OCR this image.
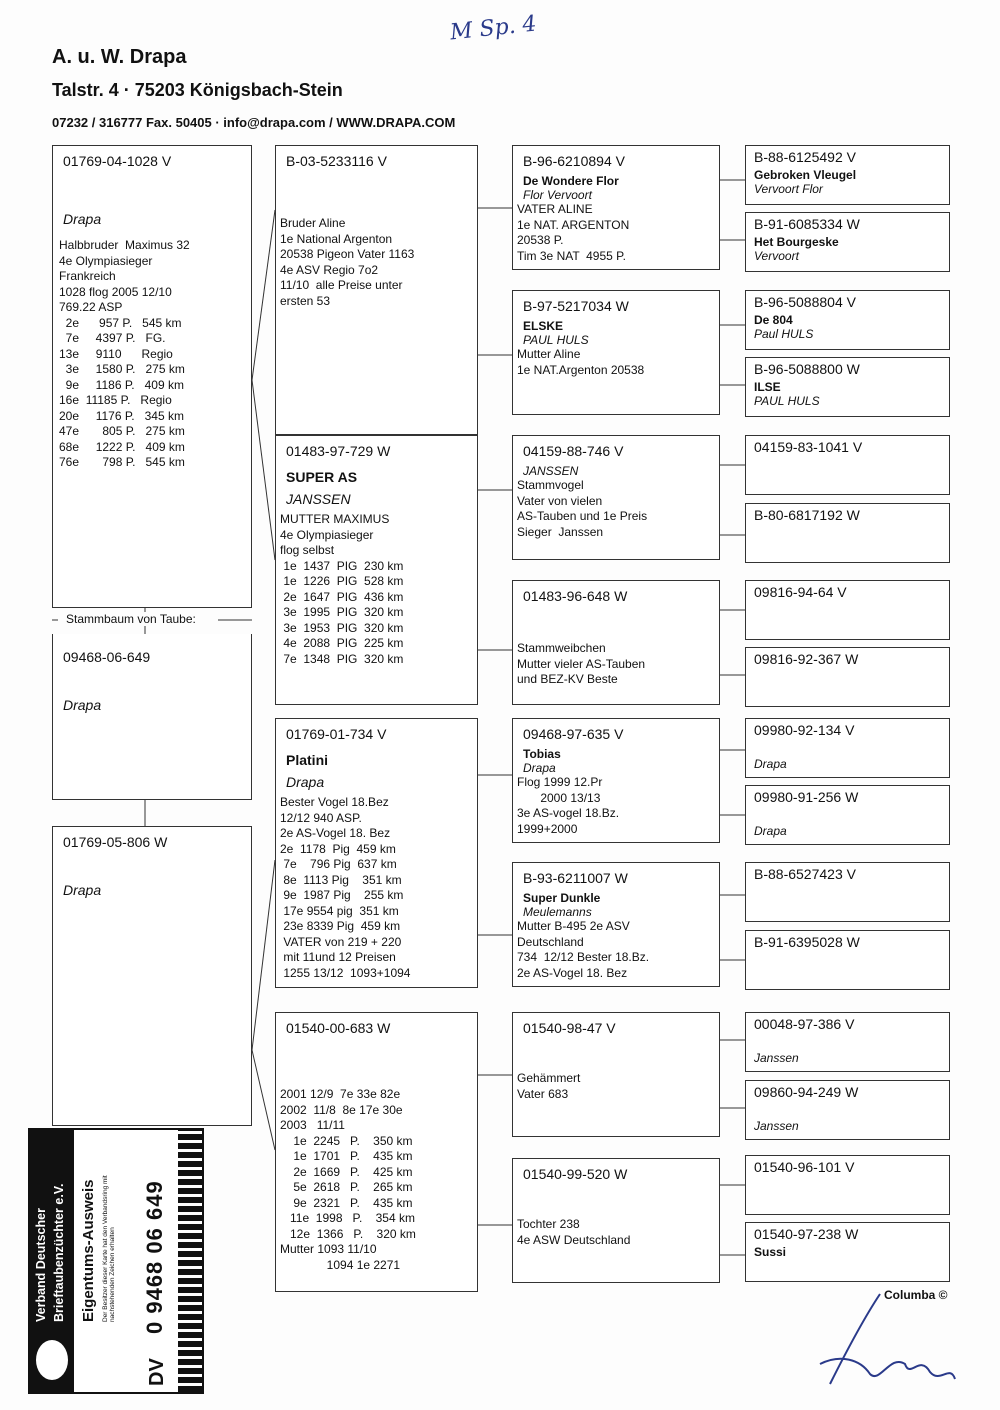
A. u. W. Drapa
Talstr. 4 · 75203 Königsbach-Stein
07232 / 316777 Fax. 50405 · info@drapa.com / WWW.DRAPA.COM
M Sp. 4
01769-04-1028 V
Drapa
Halbbruder  Maximus 32
4e Olympiasieger
Frankreich
1028 flog 2005 12/10
769.22 ASP
2e      957 P.   545 km
7e     4397 P.   FG.
13e     9110      Regio
3e     1580 P.   275 km
9e     1186 P.   409 km
16e  11185 P.   Regio
20e     1176 P.   345 km
47e       805 P.   275 km
68e     1222 P.   409 km
76e       798 P.   545 km
Stammbaum von Taube:
09468-06-649
Drapa
01769-05-806 W
Drapa
B-03-5233116 V
Bruder Aline
1e National Argenton
20538 Pigeon Vater 1163
4e ASV Regio 7o2
11/10  alle Preise unter
ersten 53
01483-97-729 W
SUPER AS
JANSSEN
MUTTER MAXIMUS
4e Olympiasieger
flog selbst
1e  1437  PIG  230 km
1e  1226  PIG  528 km
2e  1647  PIG  436 km
3e  1995  PIG  320 km
3e  1953  PIG  320 km
4e  2088  PIG  225 km
7e  1348  PIG  320 km
01769-01-734 V
Platini
Drapa
Bester Vogel 18.Bez
12/12 940 ASP.
2e AS-Vogel 18. Bez
2e  1178  Pig  459 km
7e    796 Pig  637 km
8e  1113 Pig    351 km
9e  1987 Pig    255 km
17e 9554 pig  351 km
23e 8339 Pig  459 km
VATER von 219 + 220
mit 11und 12 Preisen
1255 13/12  1093+1094
01540-00-683 W
2001 12/9  7e 33e 82e
2002  11/8  8e 17e 30e
2003   11/11
1e  2245   P.    350 km
1e  1701   P.    435 km
2e  1669   P.    425 km
5e  2618   P.    265 km
9e  2321   P.    435 km
11e  1998   P.    354 km
12e  1366   P.    320 km
Mutter 1093 11/10
1094 1e 2271
B-96-6210894 V
De Wondere Flor
Flor Vervoort
VATER ALINE
1e NAT. ARGENTON
20538 P.
Tim 3e NAT  4955 P.
B-97-5217034 W
ELSKE
PAUL HULS
Mutter Aline
1e NAT.Argenton 20538
04159-88-746 V
JANSSEN
Stammvogel
Vater von vielen
AS-Tauben und 1e Preis
Sieger  Janssen
01483-96-648 W
Stammweibchen
Mutter vieler AS-Tauben
und BEZ-KV Beste
09468-97-635 V
Tobias
Drapa
Flog 1999 12.Pr
2000 13/13
3e AS-vogel 18.Bz.
1999+2000
B-93-6211007 W
Super Dunkle
Meulemanns
Mutter B-495 2e ASV
Deutschland
734  12/12 Bester 18.Bz.
2e AS-Vogel 18. Bez
01540-98-47 V
Gehämmert
Vater 683
01540-99-520 W
Tochter 238
4e ASW Deutschland
B-88-6125492 V
Gebroken Vleugel
Vervoort Flor
B-91-6085334 W
Het Bourgeske
Vervoort
B-96-5088804 V
De 804
Paul HULS
B-96-5088800 W
ILSE
PAUL HULS
04159-83-1041 V
B-80-6817192 W
09816-94-64 V
09816-92-367 W
09980-92-134 V
Drapa
09980-91-256 W
Drapa
B-88-6527423 V
B-91-6395028 W
00048-97-386 V
Janssen
09860-94-249 W
Janssen
01540-96-101 V
01540-97-238 W
Sussi
Columba ©
Verband Deutscher Brieftaubenzüchter e.V. Eigentums-Ausweis Der Besitzer dieser Karte hat den Verbandsring mit nachstehenden Zeichen erhalten
DV
0 9468 06 649
